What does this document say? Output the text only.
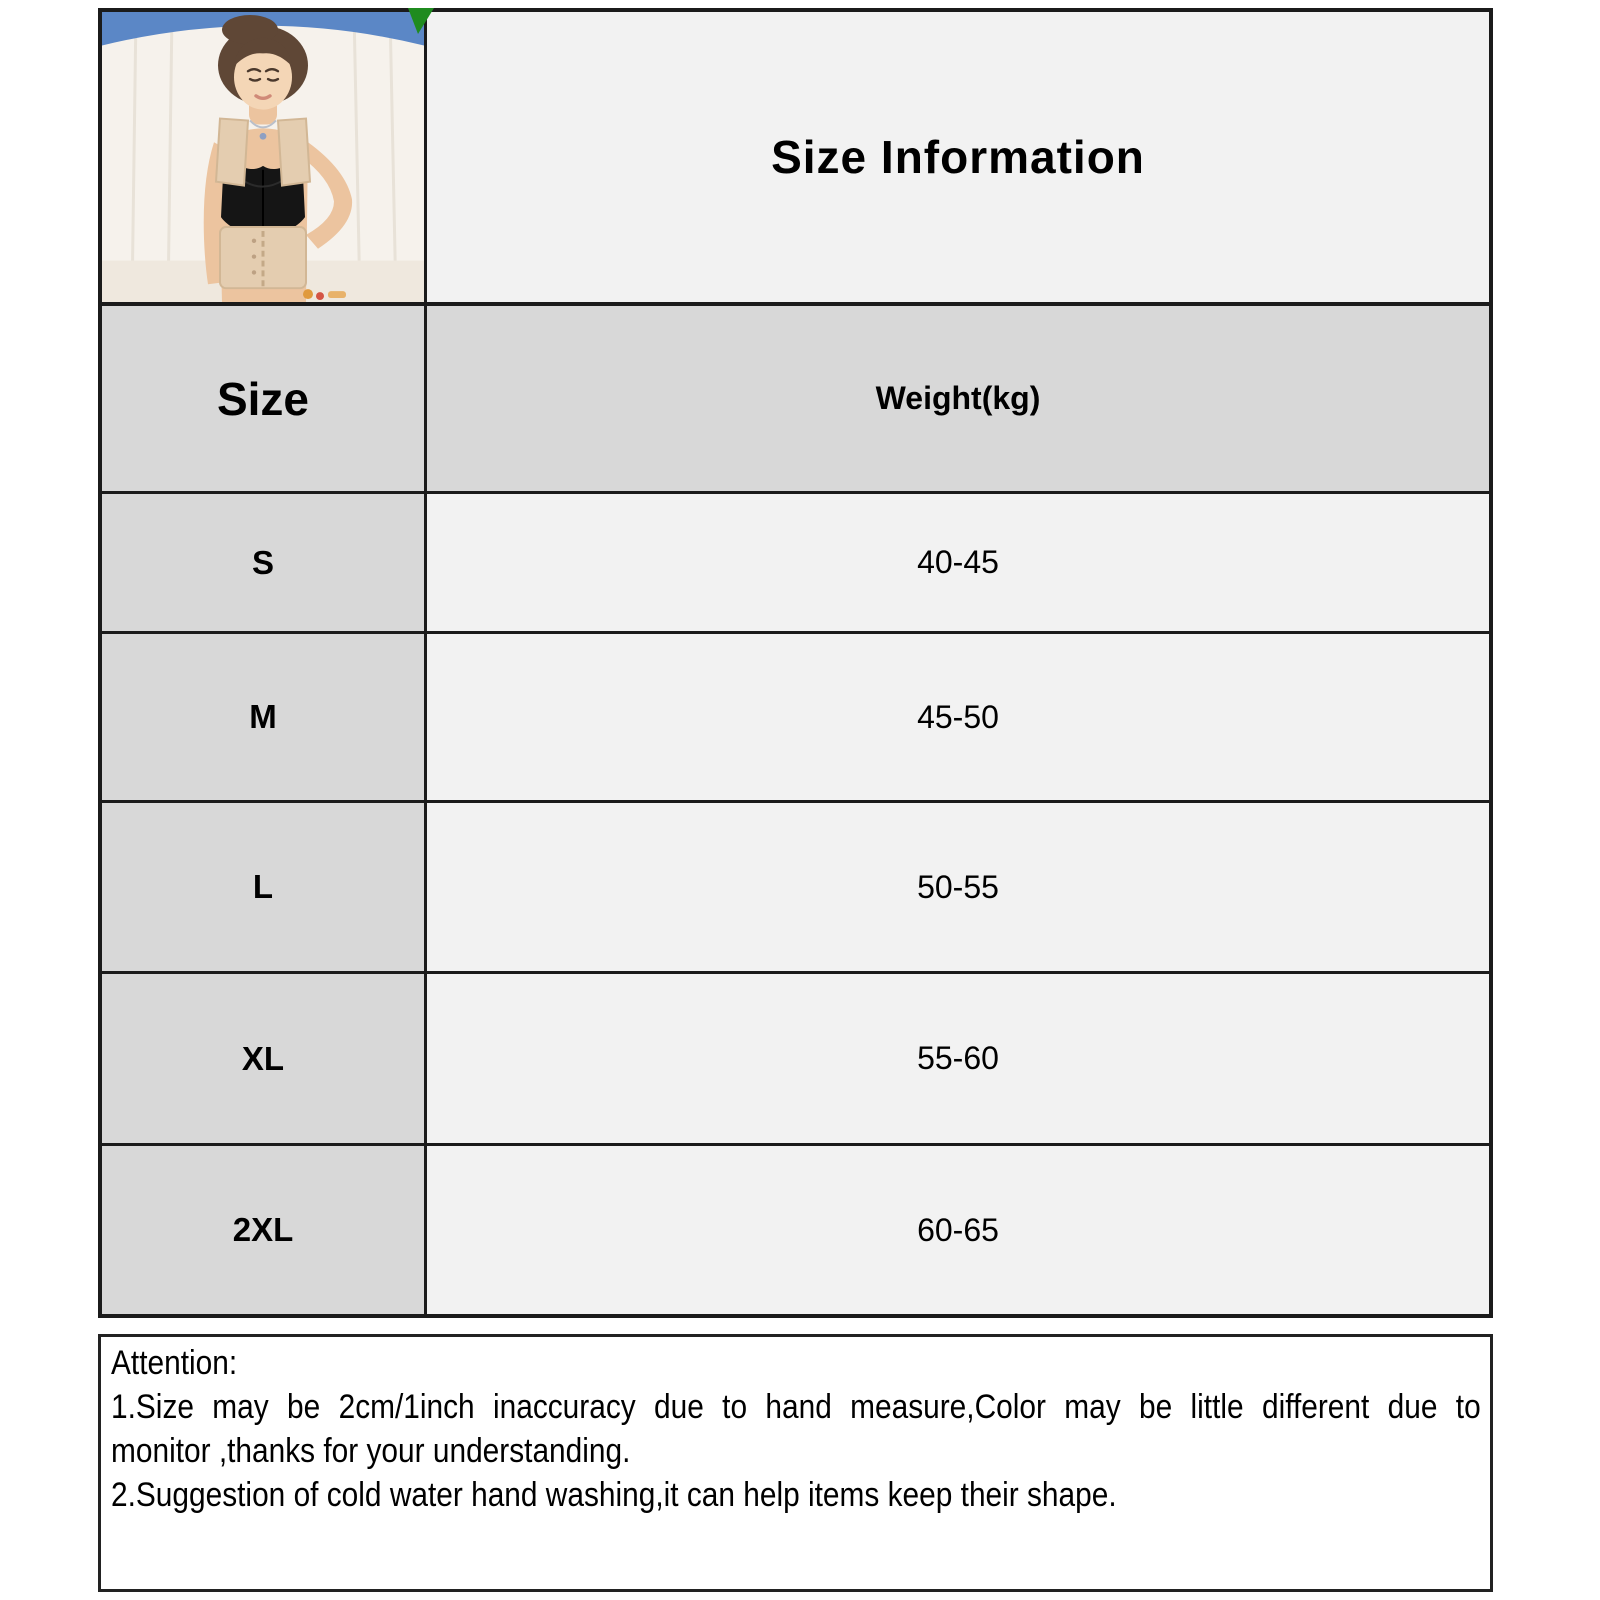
Size Information
Size	Weight(kg)
S	40-45
M	45-50
L	50-55
XL	55-60
2XL	60-65
Attention:
1.Size may be 2cm/1inch inaccuracy due to hand measure,Color may be little different due to
monitor ,thanks for your understanding.
2.Suggestion of cold water hand washing,it can help items keep their shape.
